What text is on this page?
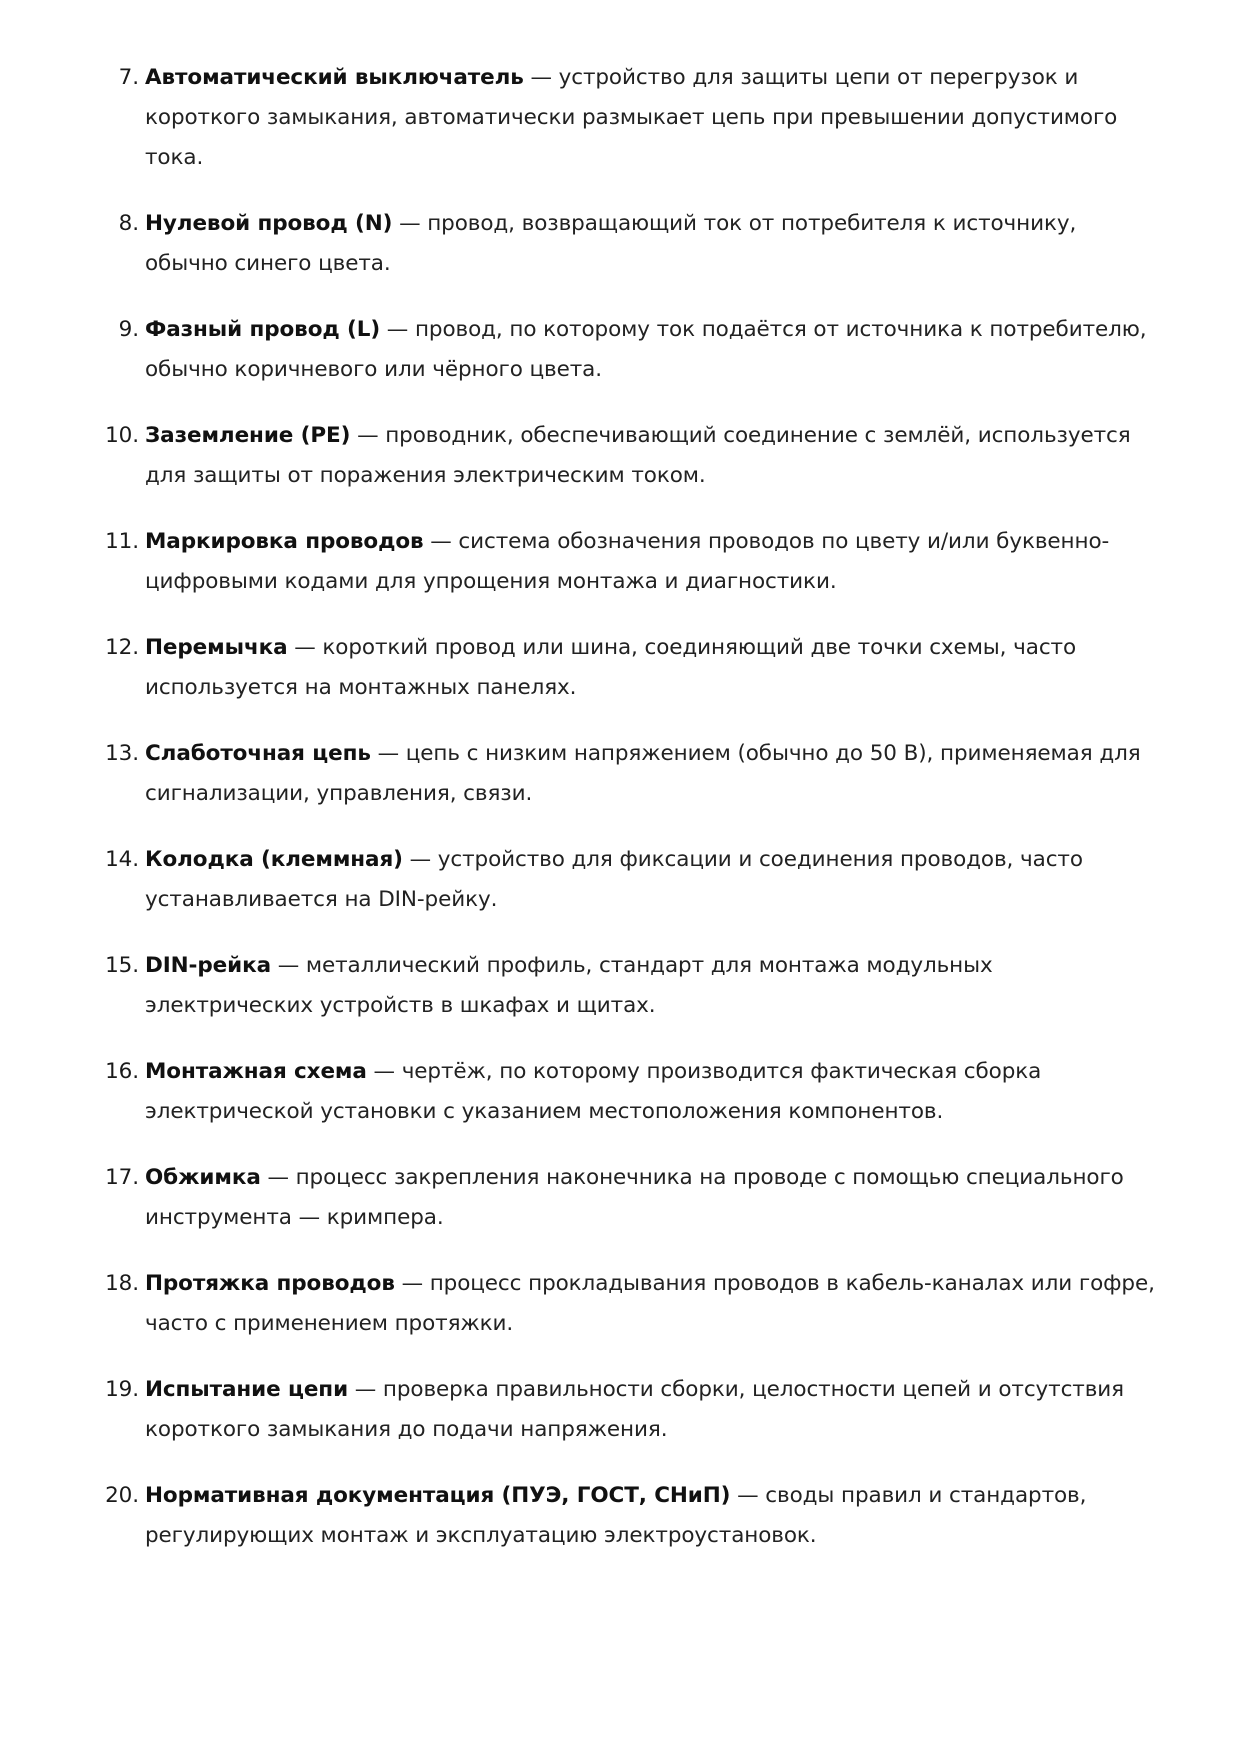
7. Автоматический выключатель — устройство для защиты цепи от перегрузок и короткого замыкания, автоматически размыкает цепь при превышении допустимого тока.
8. Нулевой провод (N) — провод, возвращающий ток от потребителя к источнику, обычно синего цвета.
9. Фазный провод (L) — провод, по которому ток подаётся от источника к потребителю, обычно коричневого или чёрного цвета.
10. Заземление (PE) — проводник, обеспечивающий соединение с землёй, используется для защиты от поражения электрическим током.
11. Маркировка проводов — система обозначения проводов по цвету и/или буквенно-цифровыми кодами для упрощения монтажа и диагностики.
12. Перемычка — короткий провод или шина, соединяющий две точки схемы, часто используется на монтажных панелях.
13. Слаботочная цепь — цепь с низким напряжением (обычно до 50 В), применяемая для сигнализации, управления, связи.
14. Колодка (клеммная) — устройство для фиксации и соединения проводов, часто устанавливается на DIN-рейку.
15. DIN-рейка — металлический профиль, стандарт для монтажа модульных электрических устройств в шкафах и щитах.
16. Монтажная схема — чертёж, по которому производится фактическая сборка электрической установки с указанием местоположения компонентов.
17. Обжимка — процесс закрепления наконечника на проводе с помощью специального инструмента — кримпера.
18. Протяжка проводов — процесс прокладывания проводов в кабель-каналах или гофре, часто с применением протяжки.
19. Испытание цепи — проверка правильности сборки, целостности цепей и отсутствия короткого замыкания до подачи напряжения.
20. Нормативная документация (ПУЭ, ГОСТ, СНиП) — своды правил и стандартов, регулирующих монтаж и эксплуатацию электроустановок.
